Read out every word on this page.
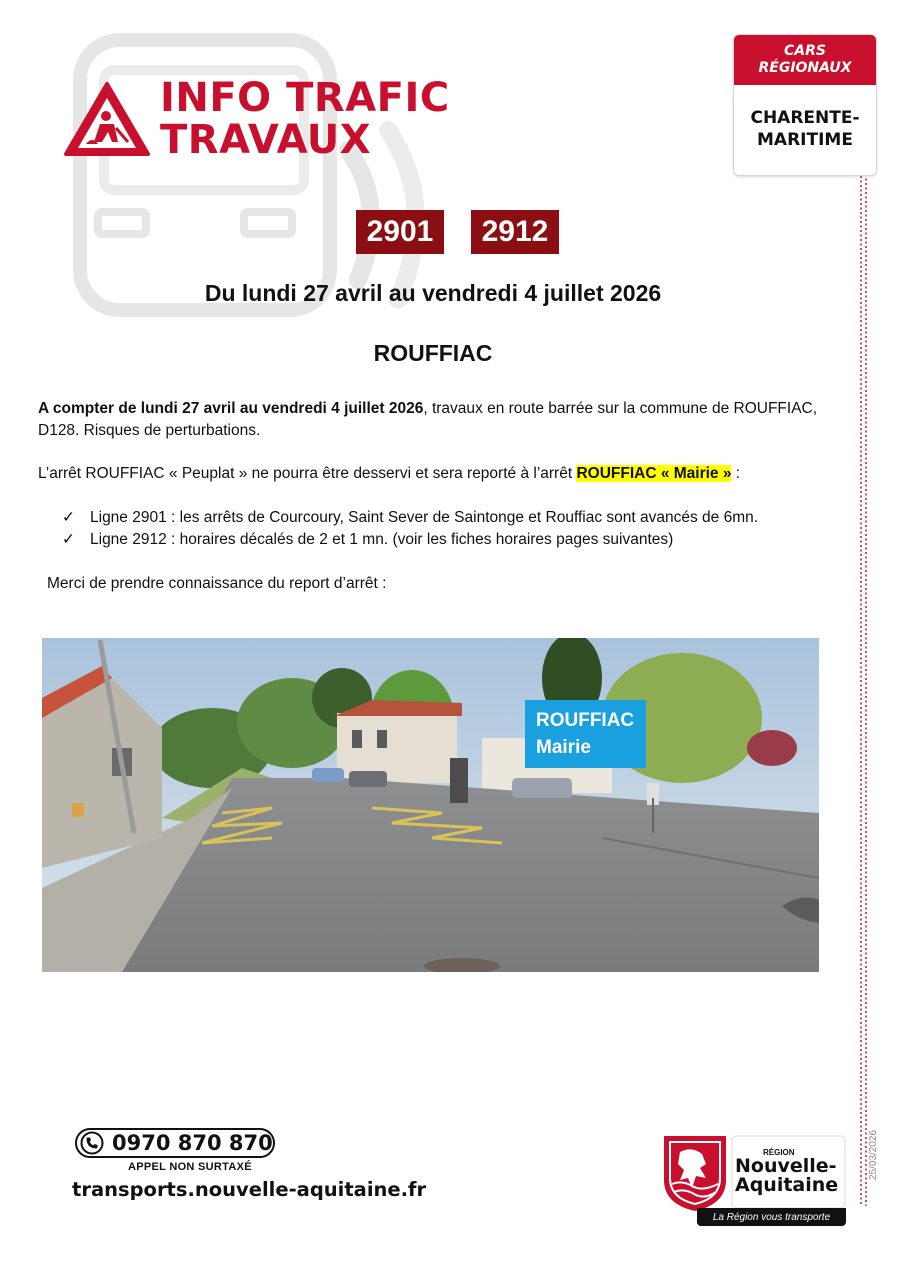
INFO TRAFIC
TRAVAUX
CARS
RÉGIONAUX
CHARENTE-
MARITIME
2901	2912
Du lundi 27 avril au vendredi 4 juillet 2026
ROUFFIAC
A compter de lundi 27 avril au vendredi 4 juillet 2026, travaux en route barrée sur la commune de ROUFFIAC, D128. Risques de perturbations.
L’arrêt ROUFFIAC « Peuplat » ne pourra être desservi et sera reporté à l’arrêt ROUFFIAC « Mairie » :
✓ Ligne 2901 : les arrêts de Courcoury, Saint Sever de Saintonge et Rouffiac sont avancés de 6mn.
✓ Ligne 2912 : horaires décalés de 2 et 1 mn. (voir les fiches horaires pages suivantes)
Merci de prendre connaissance du report d’arrêt :
ROUFFIAC
Mairie
0970 870 870
APPEL NON SURTAXÉ
transports.nouvelle-aquitaine.fr
RÉGION
Nouvelle-
Aquitaine
La Région vous transporte
25/03/2026
